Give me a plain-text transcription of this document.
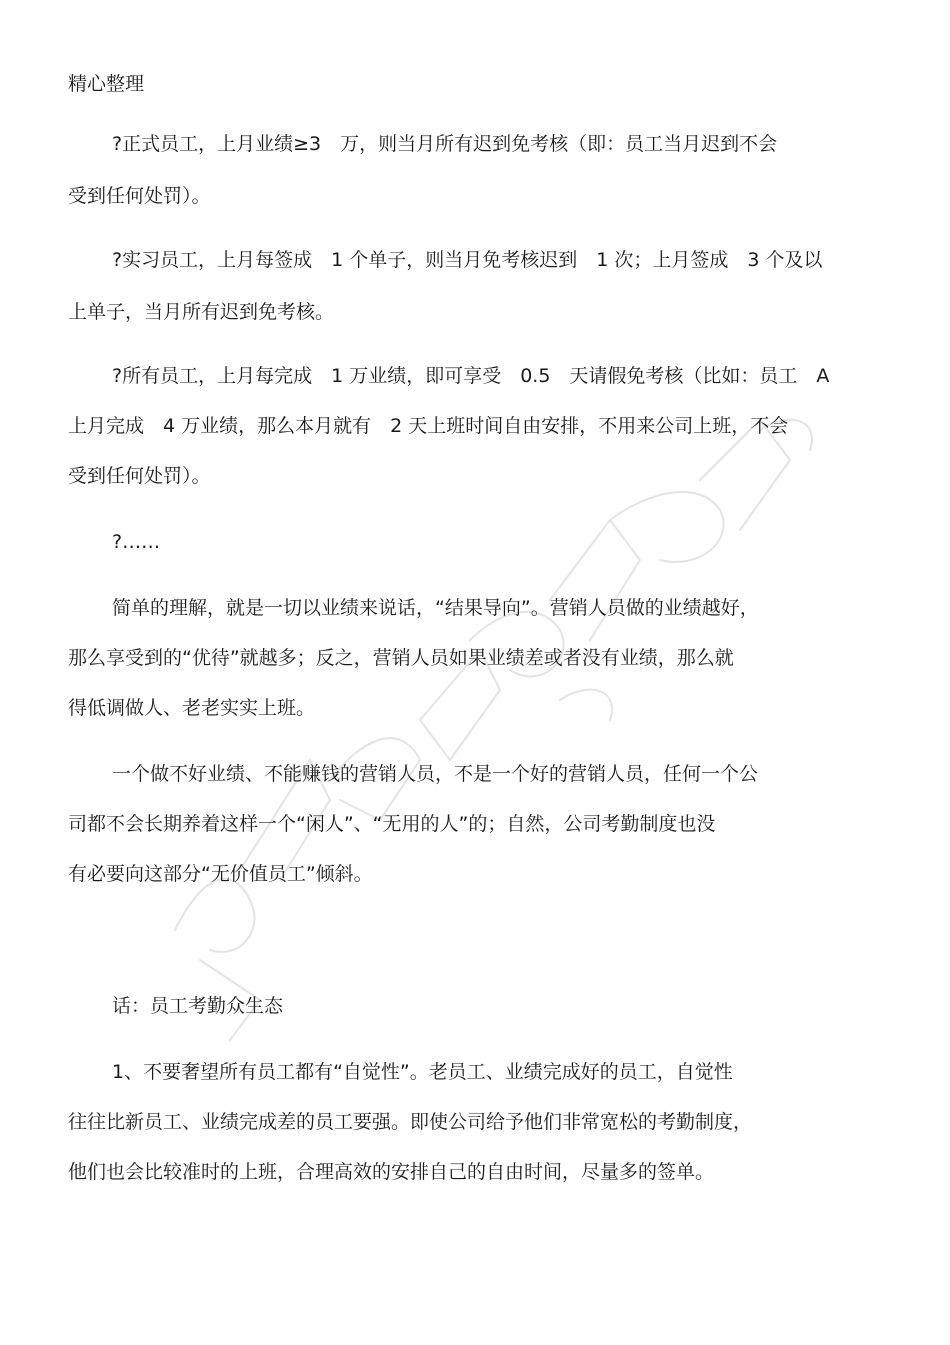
精心整理

?正式员工，上月业绩≥3　万，则当月所有迟到免考核（即：员工当月迟到不会

受到任何处罚）。

?实习员工，上月每签成　1 个单子，则当月免考核迟到　1 次；上月签成　3 个及以

上单子，当月所有迟到免考核。

?所有员工，上月每完成　1 万业绩，即可享受　0.5　天请假免考核（比如：员工　A

上月完成　4 万业绩，那么本月就有　2 天上班时间自由安排，不用来公司上班，不会

受到任何处罚）。

?……

简单的理解，就是一切以业绩来说话，“结果导向”。营销人员做的业绩越好，

那么享受到的“优待”就越多；反之，营销人员如果业绩差或者没有业绩，那么就

得低调做人、老老实实上班。

一个做不好业绩、不能赚钱的营销人员，不是一个好的营销人员，任何一个公

司都不会长期养着这样一个“闲人”、“无用的人”的；自然，公司考勤制度也没

有必要向这部分“无价值员工”倾斜。

话：员工考勤众生态

1、不要奢望所有员工都有“自觉性”。老员工、业绩完成好的员工，自觉性

往往比新员工、业绩完成差的员工要强。即使公司给予他们非常宽松的考勤制度，

他们也会比较准时的上班，合理高效的安排自己的自由时间，尽量多的签单。
